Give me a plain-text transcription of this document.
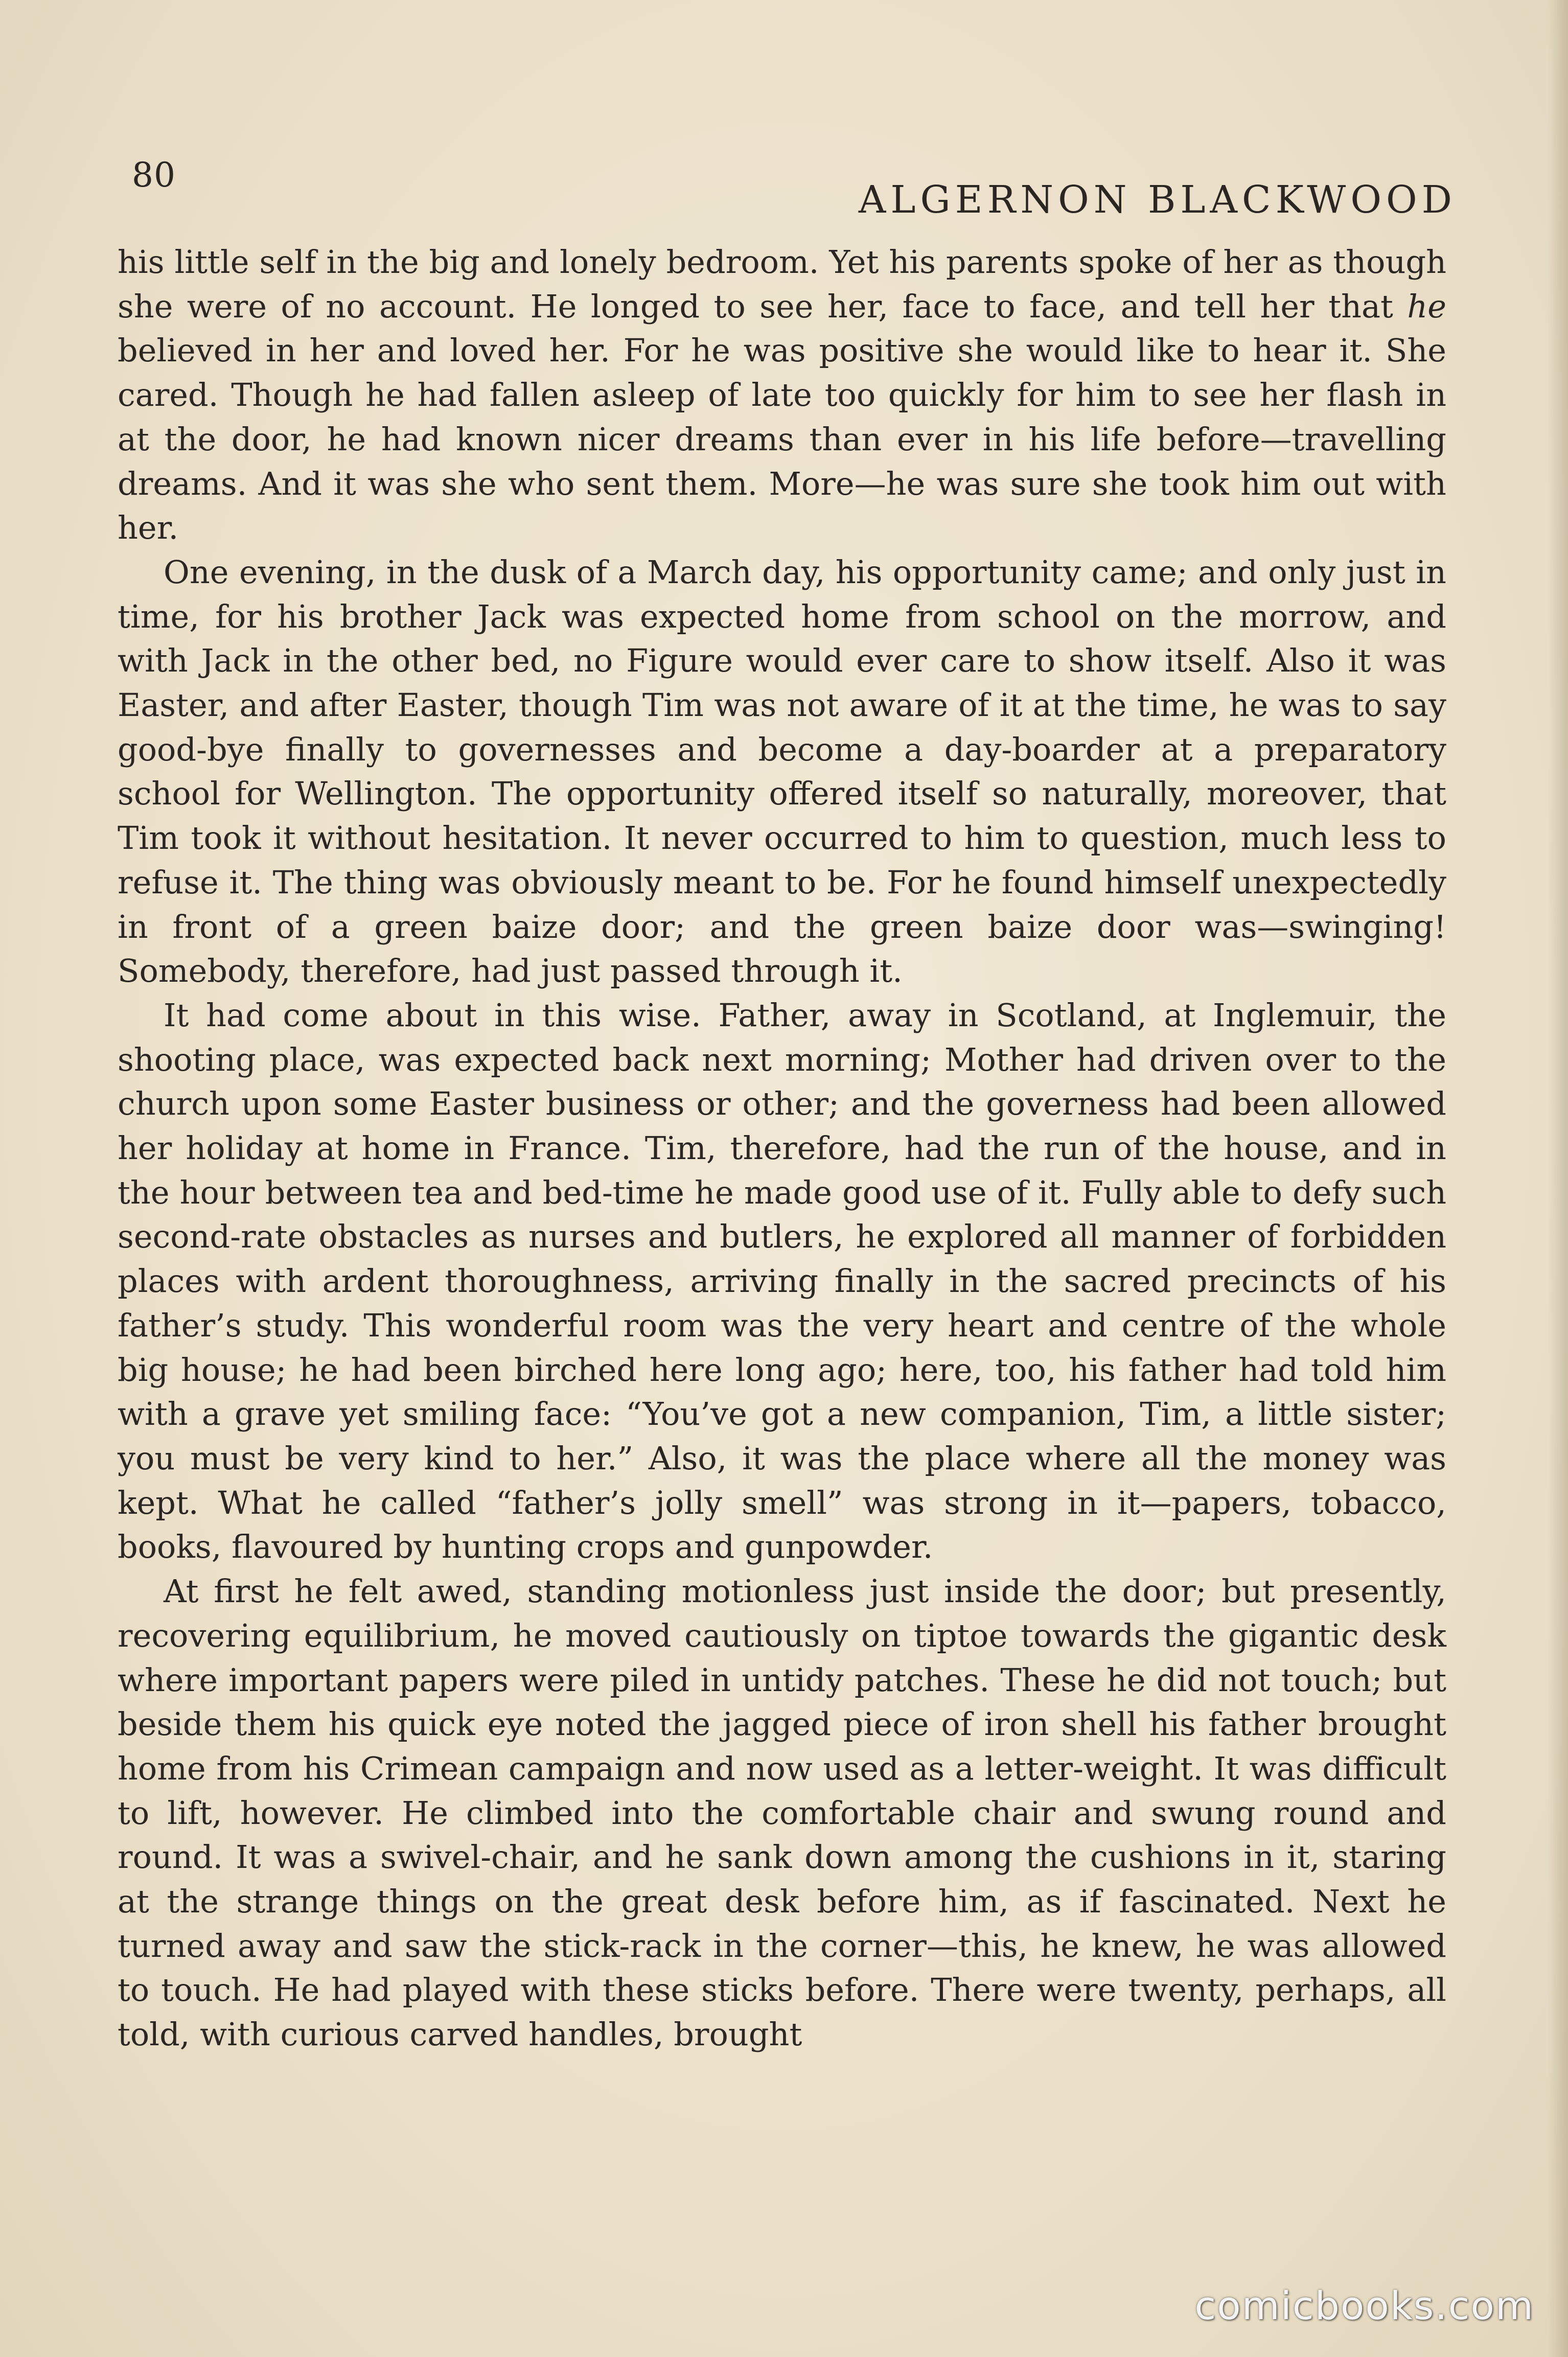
80
ALGERNON BLACKWOOD

his little self in the big and lonely bedroom. Yet his parents spoke of her as though she were of no account. He longed to see her, face to face, and tell her that he believed in her and loved her. For he was positive she would like to hear it. She cared. Though he had fallen asleep of late too quickly for him to see her flash in at the door, he had known nicer dreams than ever in his life before—travelling dreams. And it was she who sent them. More—he was sure she took him out with her.

One evening, in the dusk of a March day, his opportunity came; and only just in time, for his brother Jack was expected home from school on the morrow, and with Jack in the other bed, no Figure would ever care to show itself. Also it was Easter, and after Easter, though Tim was not aware of it at the time, he was to say good-bye finally to governesses and become a day-boarder at a preparatory school for Wellington. The opportunity offered itself so naturally, moreover, that Tim took it without hesitation. It never occurred to him to question, much less to refuse it. The thing was obviously meant to be. For he found himself unexpectedly in front of a green baize door; and the green baize door was—swinging! Somebody, therefore, had just passed through it.

It had come about in this wise. Father, away in Scotland, at Inglemuir, the shooting place, was expected back next morning; Mother had driven over to the church upon some Easter business or other; and the governess had been allowed her holiday at home in France. Tim, therefore, had the run of the house, and in the hour between tea and bed-time he made good use of it. Fully able to defy such second-rate obstacles as nurses and butlers, he explored all manner of forbidden places with ardent thoroughness, arriving finally in the sacred precincts of his father’s study. This wonderful room was the very heart and centre of the whole big house; he had been birched here long ago; here, too, his father had told him with a grave yet smiling face: “You’ve got a new companion, Tim, a little sister; you must be very kind to her.” Also, it was the place where all the money was kept. What he called “father’s jolly smell” was strong in it—papers, tobacco, books, flavoured by hunting crops and gunpowder.

At first he felt awed, standing motionless just inside the door; but presently, recovering equilibrium, he moved cautiously on tiptoe towards the gigantic desk where important papers were piled in untidy patches. These he did not touch; but beside them his quick eye noted the jagged piece of iron shell his father brought home from his Crimean campaign and now used as a letter-weight. It was difficult to lift, however. He climbed into the comfortable chair and swung round and round. It was a swivel-chair, and he sank down among the cushions in it, staring at the strange things on the great desk before him, as if fascinated. Next he turned away and saw the stick-rack in the corner—this, he knew, he was allowed to touch. He had played with these sticks before. There were twenty, perhaps, all told, with curious carved handles, brought

comicbooks.com
